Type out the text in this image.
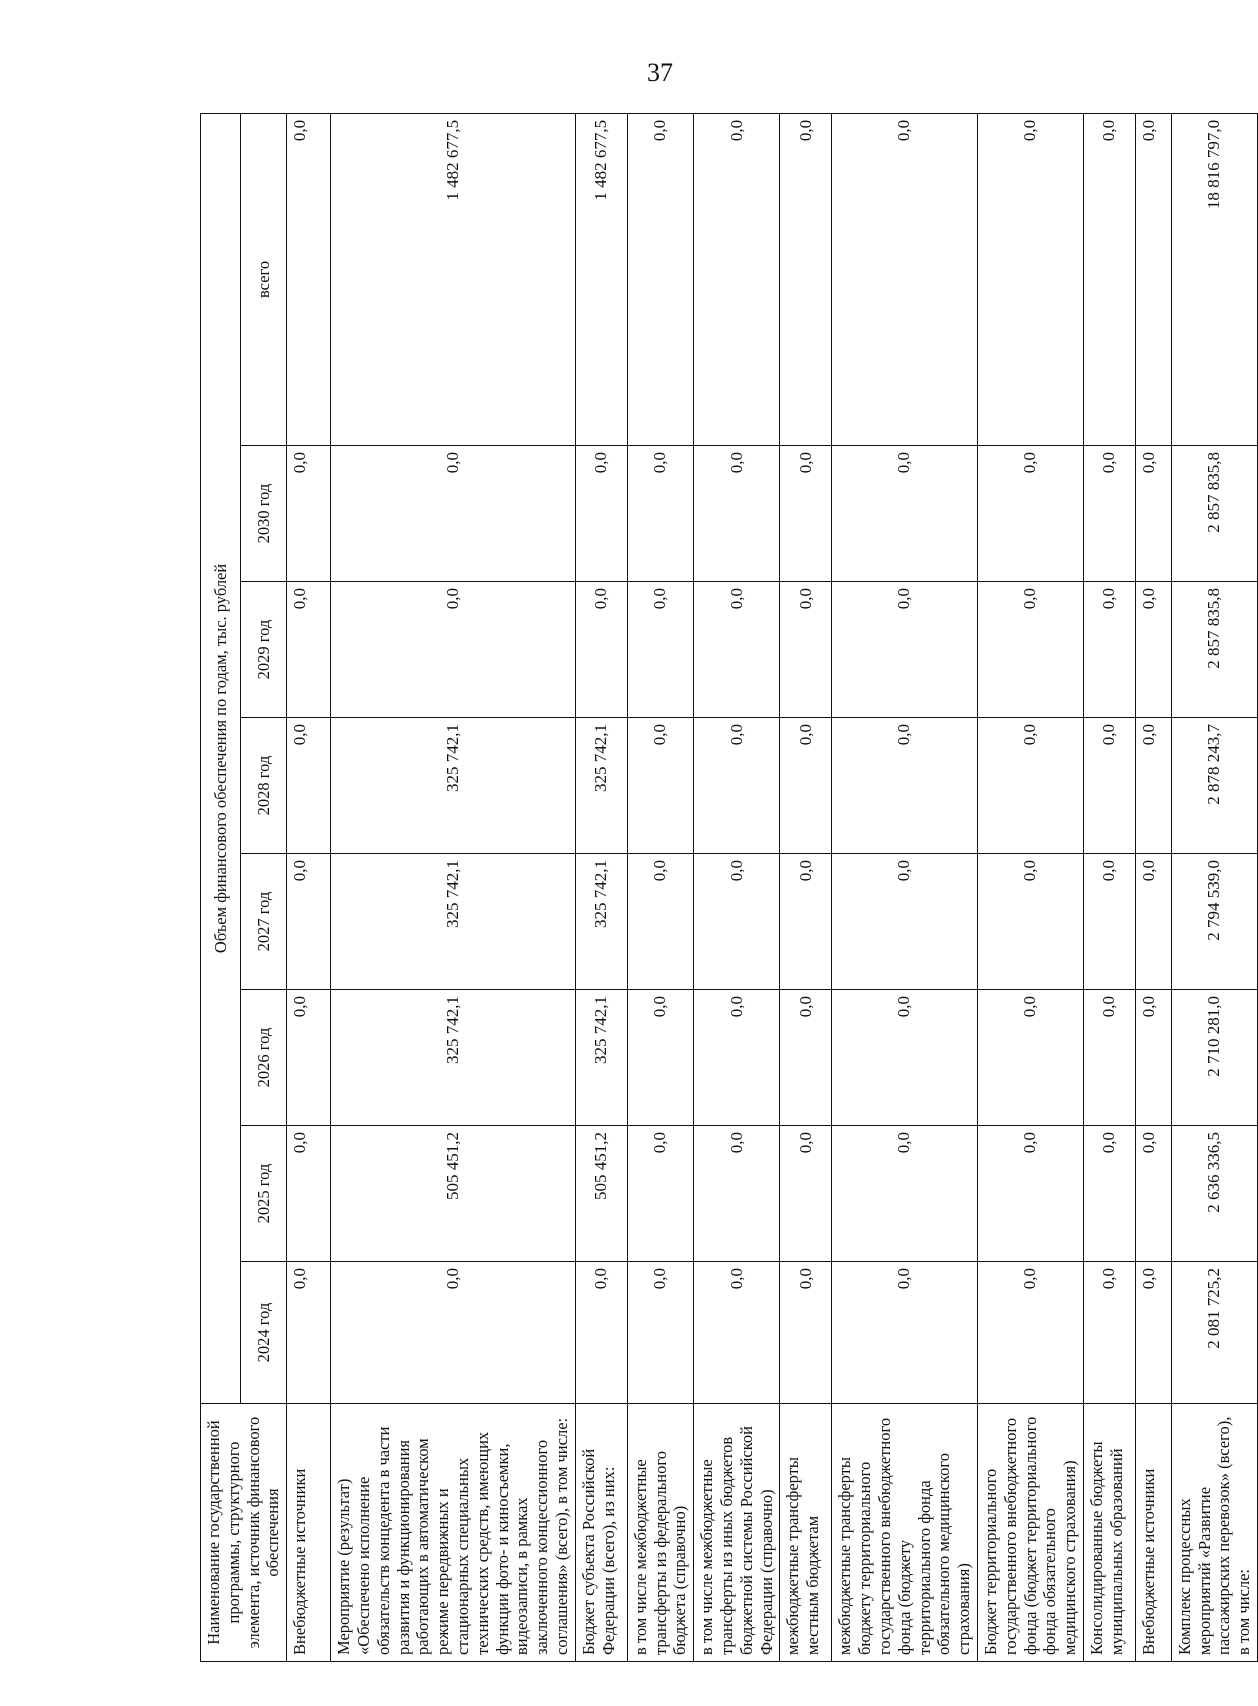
37
Наименование государственной программы, структурного элемента, источник финансового обеспечения	Объем финансового обеспечения по годам, тыс. рублей							
	2024 год	2025 год	2026 год	2027 год	2028 год	2029 год	2030 год	всего
Внебюджетные источники	0,0	0,0	0,0	0,0	0,0	0,0	0,0	0,0
Мероприятие (результат) «Обеспечено исполнение обязательств концедента в части развития и функционирования работающих в автоматическом режиме передвижных и стационарных специальных технических средств, имеющих функции фото- и киносъемки, видеозаписи, в рамках заключенного концессионного соглашения» (всего), в том числе:	0,0	505 451,2	325 742,1	325 742,1	325 742,1	0,0	0,0	1 482 677,5
Бюджет субъекта Российской Федерации (всего), из них:	0,0	505 451,2	325 742,1	325 742,1	325 742,1	0,0	0,0	1 482 677,5
в том числе межбюджетные трансферты из федерального бюджета (справочно)	0,0	0,0	0,0	0,0	0,0	0,0	0,0	0,0
в том числе межбюджетные трансферты из иных бюджетов бюджетной системы Российской Федерации (справочно)	0,0	0,0	0,0	0,0	0,0	0,0	0,0	0,0
межбюджетные трансферты местным бюджетам	0,0	0,0	0,0	0,0	0,0	0,0	0,0	0,0
межбюджетные трансферты бюджету территориального государственного внебюджетного фонда (бюджету территориального фонда обязательного медицинского страхования)	0,0	0,0	0,0	0,0	0,0	0,0	0,0	0,0
Бюджет территориального государственного внебюджетного фонда (бюджет территориального фонда обязательного медицинского страхования)	0,0	0,0	0,0	0,0	0,0	0,0	0,0	0,0
Консолидированные бюджеты муниципальных образований	0,0	0,0	0,0	0,0	0,0	0,0	0,0	0,0
Внебюджетные источники	0,0	0,0	0,0	0,0	0,0	0,0	0,0	0,0
Комплекс процессных мероприятий «Развитие пассажирских перевозок» (всего), в том числе:	2 081 725,2	2 636 336,5	2 710 281,0	2 794 539,0	2 878 243,7	2 857 835,8	2 857 835,8	18 816 797,0
